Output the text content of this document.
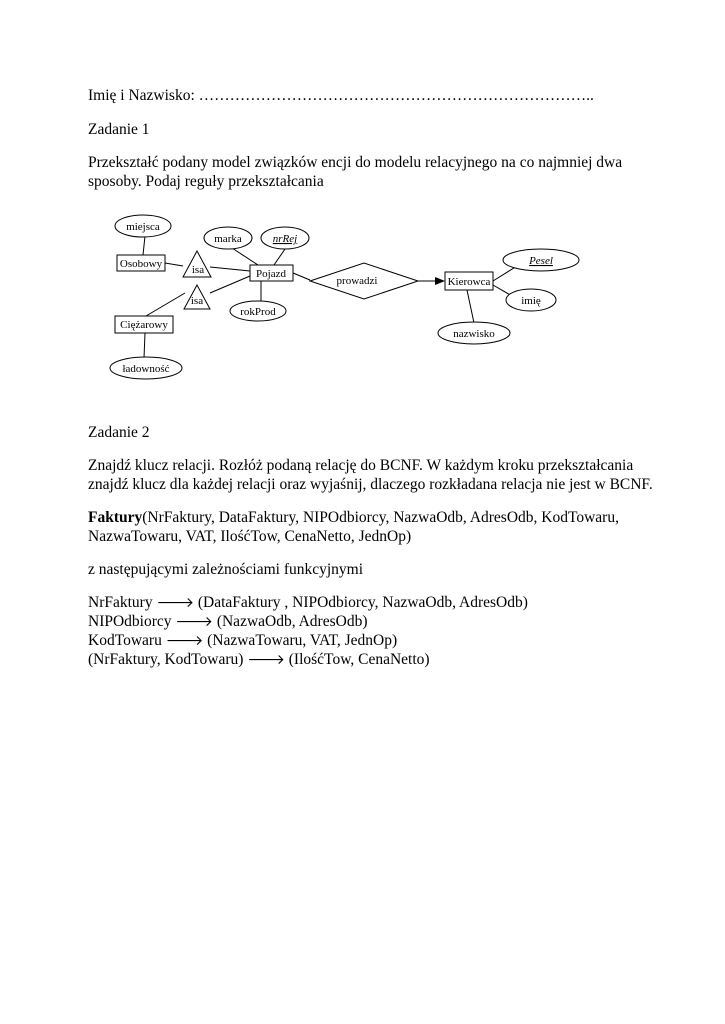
Imię i Nazwisko: …………………………………………………………………..
Zadanie 1
Przekształć podany model związków encji do modelu relacyjnego na co najmniej dwa
sposoby. Podaj reguły przekształcania
Osobowy
Ciężarowy
Pojazd
Kierowca
isa
isa
prowadzi
miejsca
marka	nrRej
rokProd
ładowność
Pesel
imię
nazwisko
Zadanie 2
Znajdź klucz relacji. Rozłóż podaną relację do BCNF. W każdym kroku przekształcania
znajdź klucz dla każdej relacji oraz wyjaśnij, dlaczego rozkładana relacja nie jest w BCNF.
Faktury(NrFaktury, DataFaktury, NIPOdbiorcy, NazwaOdb, AdresOdb, KodTowaru,
NazwaTowaru, VAT, IlośćTow, CenaNetto, JednOp)
z następującymi zależnościami funkcyjnymi
NrFaktury 🡒 (DataFaktury , NIPOdbiorcy, NazwaOdb, AdresOdb)
NIPOdbiorcy 🡒 (NazwaOdb, AdresOdb)
KodTowaru 🡒 (NazwaTowaru, VAT, JednOp)
(NrFaktury, KodTowaru) 🡒 (IlośćTow, CenaNetto)
